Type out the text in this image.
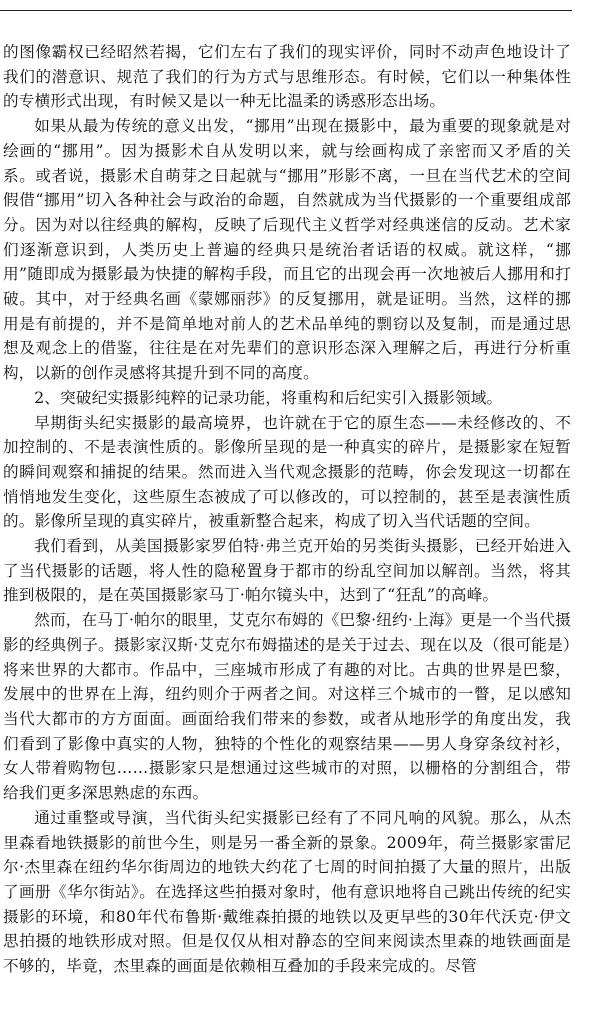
的图像霸权已经昭然若揭，它们左右了我们的现实评价，同时不动声色地设计了我们的潜意识、规范了我们的行为方式与思维形态。有时候，它们以一种集体性的专横形式出现，有时候又是以一种无比温柔的诱惑形态出场。

如果从最为传统的意义出发，“挪用”出现在摄影中，最为重要的现象就是对绘画的“挪用”。因为摄影术自从发明以来，就与绘画构成了亲密而又矛盾的关系。或者说，摄影术自萌芽之日起就与“挪用”形影不离，一旦在当代艺术的空间假借“挪用”切入各种社会与政治的命题，自然就成为当代摄影的一个重要组成部分。因为对以往经典的解构，反映了后现代主义哲学对经典迷信的反动。艺术家们逐渐意识到，人类历史上普遍的经典只是统治者话语的权威。就这样，“挪用”随即成为摄影最为快捷的解构手段，而且它的出现会再一次地被后人挪用和打破。其中，对于经典名画《蒙娜丽莎》的反复挪用，就是证明。当然，这样的挪用是有前提的，并不是简单地对前人的艺术品单纯的剽窃以及复制，而是通过思想及观念上的借鉴，往往是在对先辈们的意识形态深入理解之后，再进行分析重构，以新的创作灵感将其提升到不同的高度。

2、突破纪实摄影纯粹的记录功能，将重构和后纪实引入摄影领域。

早期街头纪实摄影的最高境界，也许就在于它的原生态——未经修改的、不加控制的、不是表演性质的。影像所呈现的是一种真实的碎片，是摄影家在短暂的瞬间观察和捕捉的结果。然而进入当代观念摄影的范畴，你会发现这一切都在悄悄地发生变化，这些原生态被成了可以修改的，可以控制的，甚至是表演性质的。影像所呈现的真实碎片，被重新整合起来，构成了切入当代话题的空间。

我们看到，从美国摄影家罗伯特·弗兰克开始的另类街头摄影，已经开始进入了当代摄影的话题，将人性的隐秘置身于都市的纷乱空间加以解剖。当然，将其推到极限的，是在英国摄影家马丁·帕尔镜头中，达到了“狂乱”的高峰。

然而，在马丁·帕尔的眼里，艾克尔布姆的《巴黎·纽约·上海》更是一个当代摄影的经典例子。摄影家汉斯·艾克尔布姆描述的是关于过去、现在以及（很可能是）将来世界的大都市。作品中，三座城市形成了有趣的对比。古典的世界是巴黎，发展中的世界在上海，纽约则介于两者之间。对这样三个城市的一瞥，足以感知当代大都市的方方面面。画面给我们带来的参数，或者从地形学的角度出发，我们看到了影像中真实的人物，独特的个性化的观察结果——男人身穿条纹衬衫，女人带着购物包……摄影家只是想通过这些城市的对照，以栅格的分割组合，带给我们更多深思熟虑的东西。

通过重整或导演，当代街头纪实摄影已经有了不同凡响的风貌。那么，从杰里森看地铁摄影的前世今生，则是另一番全新的景象。2009年，荷兰摄影家雷尼尔·杰里森在纽约华尔街周边的地铁大约花了七周的时间拍摄了大量的照片，出版了画册《华尔街站》。在选择这些拍摄对象时，他有意识地将自己跳出传统的纪实摄影的环境，和80年代布鲁斯·戴维森拍摄的地铁以及更早些的30年代沃克·伊文思拍摄的地铁形成对照。但是仅仅从相对静态的空间来阅读杰里森的地铁画面是不够的，毕竟，杰里森的画面是依赖相互叠加的手段来完成的。尽管
